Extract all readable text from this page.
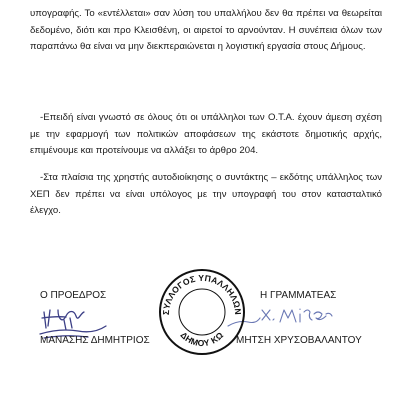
υπογραφής. Το «εντέλλεται» σαν λύση του υπαλλήλου δεν θα πρέπει να θεωρείται δεδομένο, διότι και προ Κλεισθένη, οι αιρετοί το αρνούνταν. Η συνέπεια όλων των παραπάνω θα είναι να μην διεκπεραιώνεται η λογιστική εργασία στους Δήμους.

-Επειδή είναι γνωστό σε όλους ότι οι υπάλληλοι των Ο.Τ.Α. έχουν άμεση σχέση με την εφαρμογή των πολιτικών αποφάσεων της εκάστοτε δημοτικής αρχής, επιμένουμε και προτείνουμε να αλλάξει το άρθρο 204.

-Στα πλαίσια της χρηστής αυτοδιοίκησης ο συντάκτης – εκδότης υπάλληλος των ΧΕΠ δεν πρέπει να είναι υπόλογος με την υπογραφή του στον κατασταλτικό έλεγχο.

Ο ΠΡΟΕΔΡΟΣ	Η ΓΡΑΜΜΑΤΕΑΣ
ΣΥΛΛΟΓΟΣ ΥΠΑΛΛΗΛΩΝ
ΔΗΜΟΥ ΚΩ
ΜΑΝΑΣΗΣ ΔΗΜΗΤΡΙΟΣ	ΜΗΤΣΗ ΧΡΥΣΟΒΑΛΑΝΤΟΥ
